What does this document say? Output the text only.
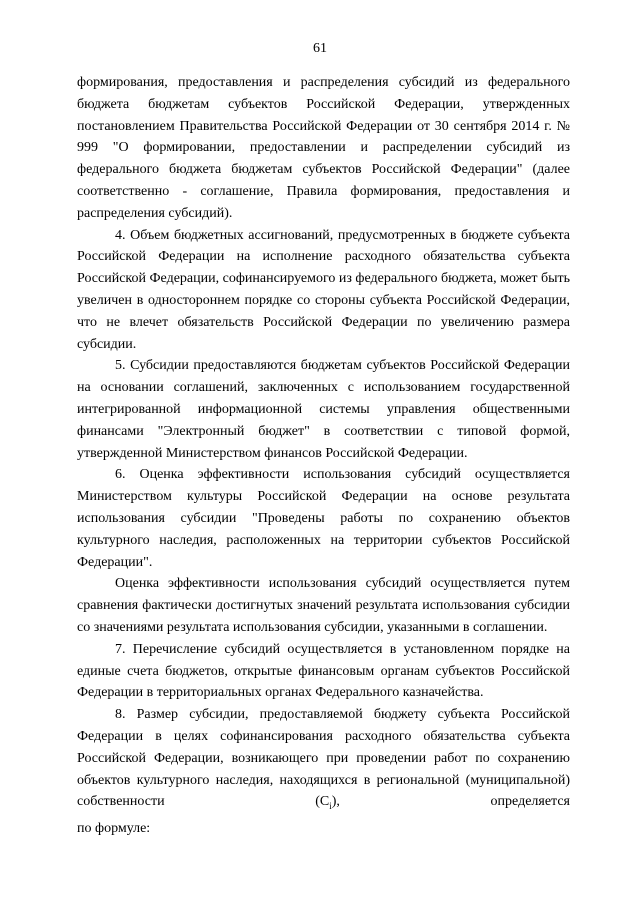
61

формирования, предоставления и распределения субсидий из федерального бюджета бюджетам субъектов Российской Федерации, утвержденных постановлением Правительства Российской Федерации от 30 сентября 2014 г. № 999 "О формировании, предоставлении и распределении субсидий из федерального бюджета бюджетам субъектов Российской Федерации" (далее соответственно - соглашение, Правила формирования, предоставления и распределения субсидий).

4. Объем бюджетных ассигнований, предусмотренных в бюджете субъекта Российской Федерации на исполнение расходного обязательства субъекта Российской Федерации, софинансируемого из федерального бюджета, может быть увеличен в одностороннем порядке со стороны субъекта Российской Федерации, что не влечет обязательств Российской Федерации по увеличению размера субсидии.

5. Субсидии предоставляются бюджетам субъектов Российской Федерации на основании соглашений, заключенных с использованием государственной интегрированной информационной системы управления общественными финансами "Электронный бюджет" в соответствии с типовой формой, утвержденной Министерством финансов Российской Федерации.

6. Оценка эффективности использования субсидий осуществляется Министерством культуры Российской Федерации на основе результата использования субсидии "Проведены работы по сохранению объектов культурного наследия, расположенных на территории субъектов Российской Федерации".

Оценка эффективности использования субсидий осуществляется путем сравнения фактически достигнутых значений результата использования субсидии со значениями результата использования субсидии, указанными в соглашении.

7. Перечисление субсидий осуществляется в установленном порядке на единые счета бюджетов, открытые финансовым органам субъектов Российской Федерации в территориальных органах Федерального казначейства.

8. Размер субсидии, предоставляемой бюджету субъекта Российской Федерации в целях софинансирования расходного обязательства субъекта Российской Федерации, возникающего при проведении работ по сохранению объектов культурного наследия, находящихся в региональной (муниципальной) собственности $(C_i)$, определяется

по формуле:
